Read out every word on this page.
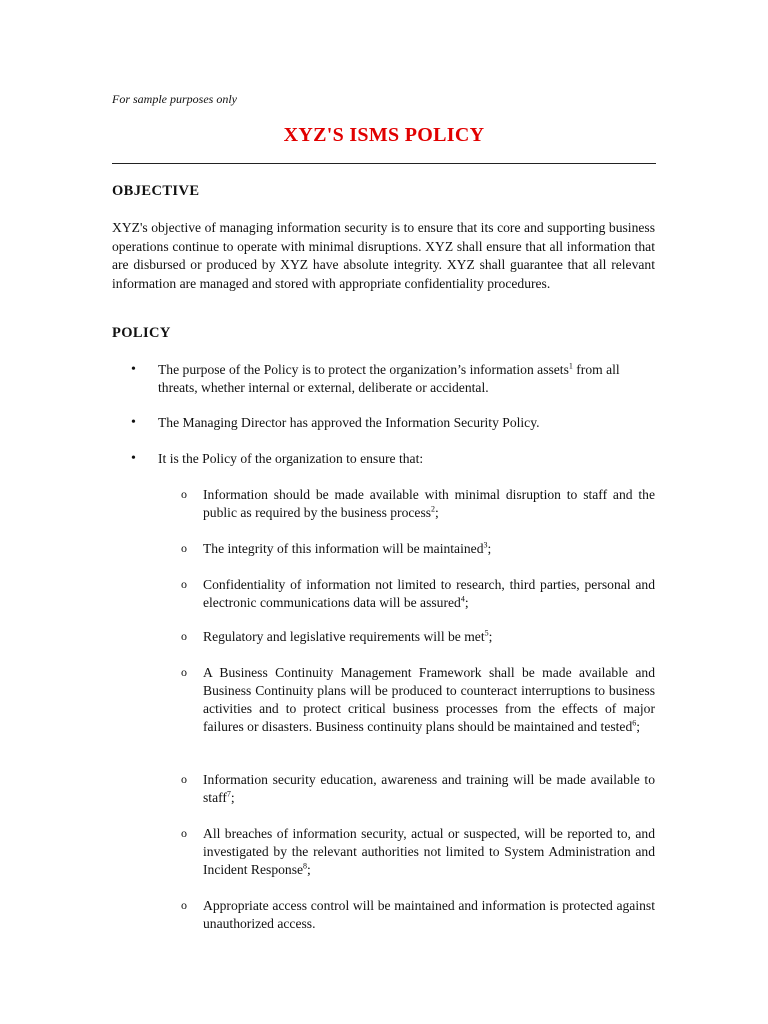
For sample purposes only
XYZ'S ISMS POLICY
OBJECTIVE
XYZ's objective of managing information security is to ensure that its core and supporting business operations continue to operate with minimal disruptions. XYZ shall ensure that all information that are disbursed or produced by XYZ have absolute integrity. XYZ shall guarantee that all relevant information are managed and stored with appropriate confidentiality procedures.
POLICY
• The purpose of the Policy is to protect the organization’s information assets$^1$ from all threats, whether internal or external, deliberate or accidental.
• The Managing Director has approved the Information Security Policy.
• It is the Policy of the organization to ensure that:
o Information should be made available with minimal disruption to staff and the public as required by the business process$^2$;
o The integrity of this information will be maintained$^3$;
o Confidentiality of information not limited to research, third parties, personal and electronic communications data will be assured$^4$;
o Regulatory and legislative requirements will be met$^5$;
o A Business Continuity Management Framework shall be made available and Business Continuity plans will be produced to counteract interruptions to business activities and to protect critical business processes from the effects of major failures or disasters. Business continuity plans should be maintained and tested$^6$;
o Information security education, awareness and training will be made available to staff$^7$;
o All breaches of information security, actual or suspected, will be reported to, and investigated by the relevant authorities not limited to System Administration and Incident Response$^8$;
o Appropriate access control will be maintained and information is protected against unauthorized access.
